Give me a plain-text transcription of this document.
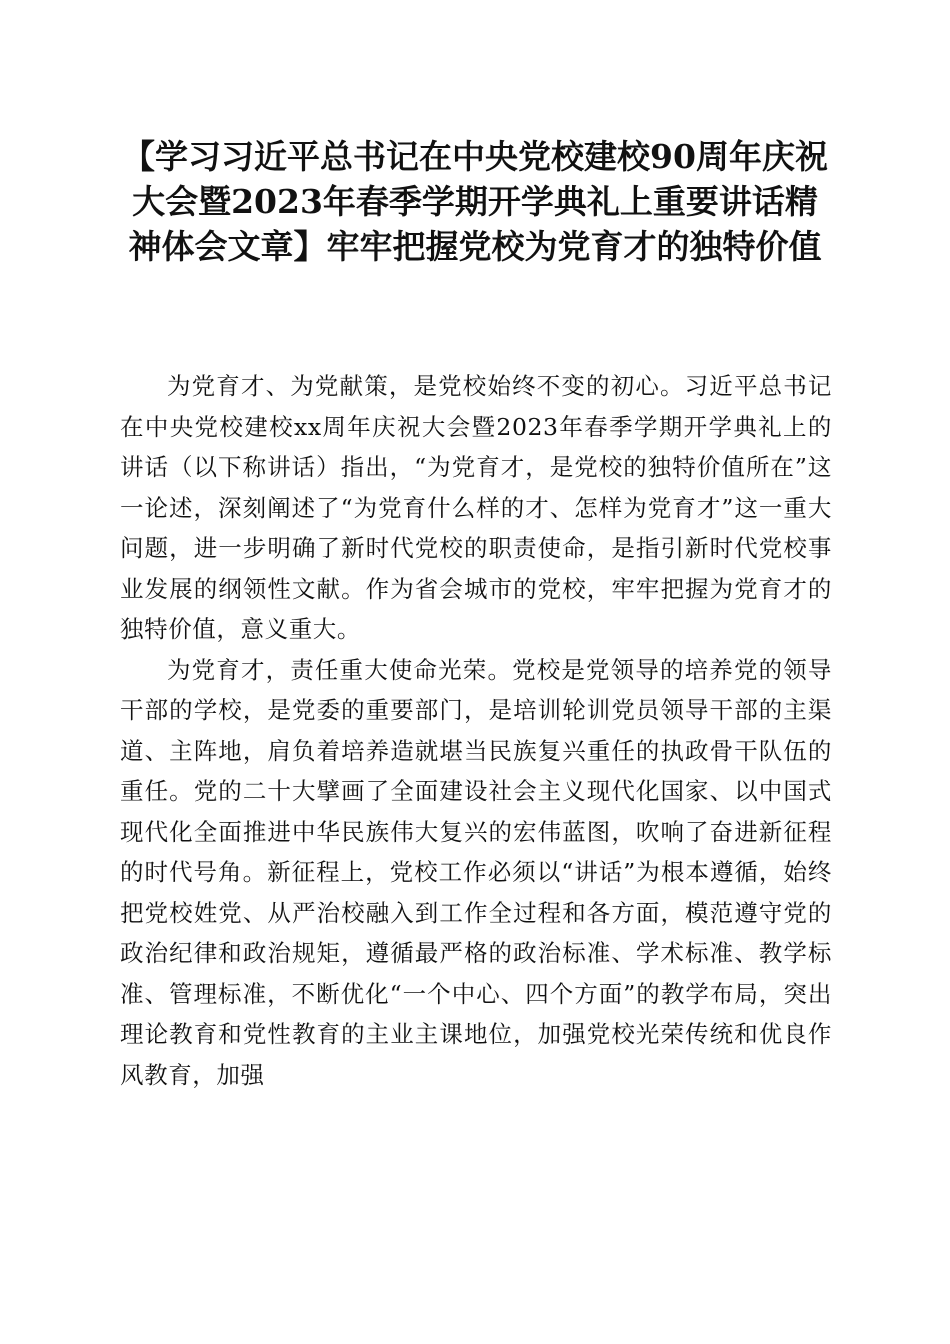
【学习习近平总书记在中央党校建校90周年庆祝大会暨2023年春季学期开学典礼上重要讲话精神体会文章】牢牢把握党校为党育才的独特价值

为党育才、为党献策，是党校始终不变的初心。习近平总书记在中央党校建校xx周年庆祝大会暨2023年春季学期开学典礼上的讲话（以下称讲话）指出，“为党育才，是党校的独特价值所在”这一论述，深刻阐述了“为党育什么样的才、怎样为党育才”这一重大问题，进一步明确了新时代党校的职责使命，是指引新时代党校事业发展的纲领性文献。作为省会城市的党校，牢牢把握为党育才的独特价值，意义重大。

为党育才，责任重大使命光荣。党校是党领导的培养党的领导干部的学校，是党委的重要部门，是培训轮训党员领导干部的主渠道、主阵地，肩负着培养造就堪当民族复兴重任的执政骨干队伍的重任。党的二十大擘画了全面建设社会主义现代化国家、以中国式现代化全面推进中华民族伟大复兴的宏伟蓝图，吹响了奋进新征程的时代号角。新征程上，党校工作必须以“讲话”为根本遵循，始终把党校姓党、从严治校融入到工作全过程和各方面，模范遵守党的政治纪律和政治规矩，遵循最严格的政治标准、学术标准、教学标准、管理标准，不断优化“一个中心、四个方面”的教学布局，突出理论教育和党性教育的主业主课地位，加强党校光荣传统和优良作风教育，加强
